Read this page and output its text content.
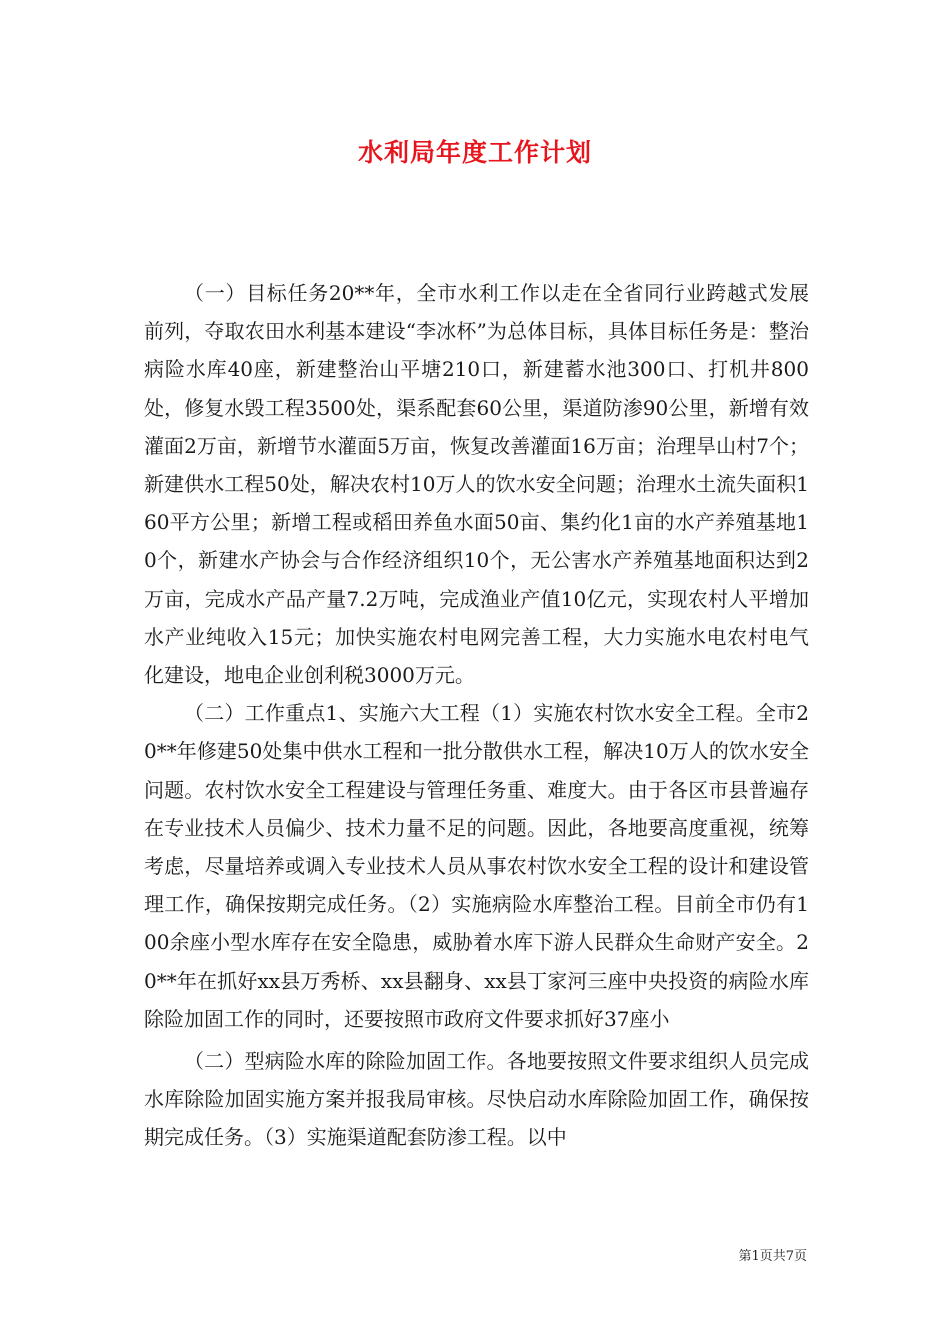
水利局年度工作计划

（一）目标任务20**年，全市水利工作以走在全省同行业跨越式发展前列，夺取农田水利基本建设“李冰杯”为总体目标，具体目标任务是：整治病险水库40座，新建整治山平塘210口，新建蓄水池300口、打机井800处，修复水毁工程3500处，渠系配套60公里，渠道防渗90公里，新增有效灌面2万亩，新增节水灌面5万亩，恢复改善灌面16万亩；治理旱山村7个；新建供水工程50处，解决农村10万人的饮水安全问题；治理水土流失面积160平方公里；新增工程或稻田养鱼水面50亩、集约化1亩的水产养殖基地10个，新建水产协会与合作经济组织10个，无公害水产养殖基地面积达到2万亩，完成水产品产量7.2万吨，完成渔业产值10亿元，实现农村人平增加水产业纯收入15元；加快实施农村电网完善工程，大力实施水电农村电气化建设，地电企业创利税3000万元。

（二）工作重点1、实施六大工程（1）实施农村饮水安全工程。全市20**年修建50处集中供水工程和一批分散供水工程，解决10万人的饮水安全问题。农村饮水安全工程建设与管理任务重、难度大。由于各区市县普遍存在专业技术人员偏少、技术力量不足的问题。因此，各地要高度重视，统筹考虑，尽量培养或调入专业技术人员从事农村饮水安全工程的设计和建设管理工作，确保按期完成任务。（2）实施病险水库整治工程。目前全市仍有100余座小型水库存在安全隐患，威胁着水库下游人民群众生命财产安全。20**年在抓好xx县万秀桥、xx县翻身、xx县丁家河三座中央投资的病险水库除险加固工作的同时，还要按照市政府文件要求抓好37座小

（二）型病险水库的除险加固工作。各地要按照文件要求组织人员完成水库除险加固实施方案并报我局审核。尽快启动水库除险加固工作，确保按期完成任务。（3）实施渠道配套防渗工程。以中

第1页共7页
